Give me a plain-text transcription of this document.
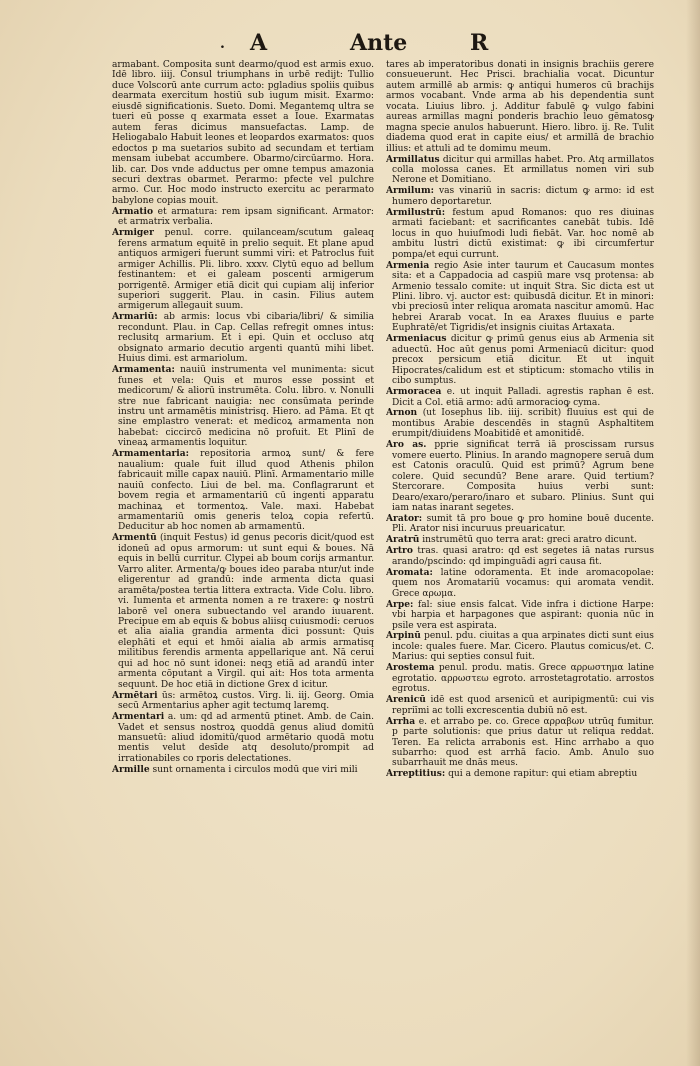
. A	Ante	R

armabant. Composita sunt dearmo/quod est armis exuo. Idē libro. iiij. Consul triumphans in urbē redijt: Tullio duce Volscorū ante currum acto: pgladius spoliis quibus dearmata exercitum hostiū sub iugum misit. Exarmo: eiusdē significationis. Sueto. Domi. Megantemq ultra se tueri eū posse q exarmata esset a Ioue. Exarmatas autem feras dicimus mansuefactas. Lamp. de Heliogabalo Habuit leones et leopardos exarmatos: quos edoctos p ma suetarios subito ad secundam et tertiam mensam iubebat accumbere. Obarmo/circūarmo. Hora. lib. car. Dos vnde adductus per omne tempus amazonia securi dextras obarmet. Perarmo: pfecte vel pulchre armo. Cur. Hoc modo instructo exercitu ac perarmato babylone copias mouit.

Armatio et armatura: rem ipsam significant. Armator: et armatrix verbalia.

Armiger penul. corre. quilanceam/scutum galeaq ferens armatum equitē in prelio sequit. Et plane apud antiquos armigeri fuerunt summi viri: et Patroclus fuit armiger Achillis. Pli. libro. xxxv. Clytū equo ad bellum festinantem: et ei galeam poscenti armigerum porrigentē. Armiger etiā dicit qui cupiam alij inferior superiori suggerit. Plau. in casin. Filius autem armigerum allegauit suum.

Armariū: ab armis: locus vbi cibaria/libri/ & similia recondunt. Plau. in Cap. Cellas refregit omnes intus: reclusitq armarium. Et i epi. Quin et occluso atq obsignato armario decutio argenti quantū mihi libet. Huius dimi. est armariolum.

Armamenta: nauiū instrumenta vel munimenta: sicut funes et vela: Quis et muros esse possint et medicorum/ & aliorū instrumēta. Colu. libro. v. Nonulli stre nue fabricant nauigia: nec consūmata perinde instru unt armamētis ministrisq. Hiero. ad Pāma. Et qt sine emplastro venerat: et medicoꝝ armamenta non habebat: ciccircō medicina nō profuit. Et Plinī de vineaꝝ armamentis loquitur.

Armamentaria: repositoria armoꝝ sunt/ & fere naualium: quale fuit illud quod Athenis philon fabricauit mille capax nauiū. Plinī. Armamentario mille nauiū confecto. Liui de bel. ma. Conflagrarunt et bovem regia et armamentariū cū ingenti apparatu machinaꝝ et tormentoꝝ. Vale. maxi. Habebat armamentariū omis generis teloꝝ copia refertū. Deducitur ab hoc nomen ab armamentū.

Armentū (inquit Festus) id genus pecoris dicit/quod est idoneū ad opus armorum: ut sunt equi & boues. Nā equis in bellū curritur. Clypei ab boum corijs armantur. Varro aliter. Armenta/ꝙ boues ideo paraba ntur/ut inde eligerentur ad grandū: inde armenta dicta quasi aramēta/postea tertia littera extracta. Vide Colu. libro. vi. Iumenta et armenta nomen a re traxere: ꝙ nostrū laborē vel onera subuectando vel arando iuuarent. Precipue em ab equis & bobus aliisq cuiusmodi: ceruos et alia aialia grandia armenta dici possunt: Quis elephāti et equi et hmōi aialia ab armis armatisq militibus ferendis armenta appellarique ant. Nā cerui qui ad hoc nō sunt idonei: neqꝫ etiā ad arandū inter armenta cōputant a Virgil. qui ait: Hos tota armenta sequunt. De hoc etiā in dictione Grex d icitur.

Armētari ūs: armētoꝝ custos. Virg. li. iij. Georg. Omia secū Armentarius apher agit tectumq laremq.

Armentari a. um: qd ad armentū ptinet. Amb. de Cain. Vadet et sensus nostroꝝ quoddā genus aliud domitū mansuetū: aliud idomitū/quod armētario quodā motu mentis velut desīde atq desoluto/prompit ad irrationabiles co rporis delectationes.

Armille sunt ornamenta i circulos modū que viri mili

tares ab imperatoribus donati in insignis brachiis gerere consueuerunt. Hec Prisci. brachialia vocat. Dicuntur autem armillē ab armis: ꝙ antiqui humeros cū brachijs armos vocabant. Vnde arma ab his dependentia sunt vocata. Liuius libro. j. Additur fabulē ꝙ vulgo fabini aureas armillas magni ponderis brachio leuo gēmatosꝙ magna specie anulos habuerunt. Hiero. libro. ij. Re. Tulit diadema quod erat in capite eius/ et armillā de brachio illius: et attuli ad te domimu meum.

Armillatus dicitur qui armillas habet. Pro. Atq armillatos colla molossa canes. Et armillatus nomen viri sub Nerone et Domitiano.

Armilum: vas vinariū in sacris: dictum ꝙ armo: id est humero deportaretur.

Armilustrū: festum apud Romanos: quo res diuinas armati faciebant: et sacrificantes canebāt tubis. Idē locus in quo huiuſmodi ludi fiebāt. Var. hoc nomē ab ambitu lustri dictū existimat: ꝙ ibi circumfertur pompa/et equi currunt.

Armenia regio Asie inter taurum et Caucasum montes sita: et a Cappadocia ad caspiū mare vsq protensa: ab Armenio tessalo comite: ut inquit Stra. Sic dicta est ut Plini. libro. vj. auctor est: quibusdā dicitur. Et in minori: vbi preciosū inter reliqua aromata nascitur amomū. Hac hebrei Ararab vocat. In ea Araxes fluuius e parte Euphratē/et Tigridis/et insignis ciuitas Artaxata.

Armeniacus dicitur ꝙ primū genus eius ab Armenia sit aduectū. Hoc aūt genus pomi Armeniacū dicitur: quod precox persicum etiā dicitur. Et ut inquit Hipocrates/calidum est et stipticum: stomacho vtilis in cibo sumptus.

Armoracea e. ut inquit Palladi. agrestis raphan ē est. Dicit a Col. etiā armo: adū armoracioꝙ cyma.

Arnon (ut Iosephus lib. iiij. scribit) fluuius est qui de montibus Arabie descendēs in stagnū Asphaltitem erumpit/diuidens Moabitidē et amonitidē.

Aro as. pprie significat terrā iā proscissam rursus vomere euerto. Plinius. In arando magnopere seruā dum est Catonis oraculū. Quid est primū? Agrum bene colere. Quid secundū? Bene arare. Quid tertium? Stercorare. Composita huius verbi sunt: Dearo/exaro/peraro/inaro et subaro. Plinius. Sunt qui iam natas inarant segetes.

Arator: sumit tā pro boue ꝙ pro homine bouē ducente. Pli. Arator nisi incuruus preuaricatur.

Aratrū instrumētū quo terra arat: greci aratro dicunt.

Artro tras. quasi aratro: qd est segetes iā natas rursus arando/pscindo: qd impinguādi agri causa fit.

Aromata: latine odoramenta. Et inde aromacopolae: quem nos Aromatariū vocamus: qui aromata vendit. Grece αρωμα.

Arpe: fal: siue ensis falcat. Vide infra i dictione Harpe: vbi harpia et harpagones que aspirant: quonia nūc in psile vera est aspirata.

Arpinū penul. pdu. ciuitas a qua arpinates dicti sunt eius incole: quales fuere. Mar. Cicero. Plautus comicus/et. C. Marius: qui septies consul fuit.

Arostema penul. produ. matis. Grece αρρωστημα latine egrotatio. αρρωστεω egroto. arrostetagrotatio. arrostos egrotus.

Arenicū idē est quod arsenicū et auripigmentū: cui vis repriīmi ac tolli excrescentia dubiū nō est.

Arrha e. et arrabo pe. co. Grece αρραβων utrūq fumitur. p parte solutionis: que prius datur ut reliqua reddat. Teren. Ea relicta arrabonis est. Hinc arrhabo a quo subarrho: quod est arrhā facio. Amb. Anulo suo subarrhauit me dnās meus.

Arreptitius: qui a demone rapitur: qui etiam abreptiu
